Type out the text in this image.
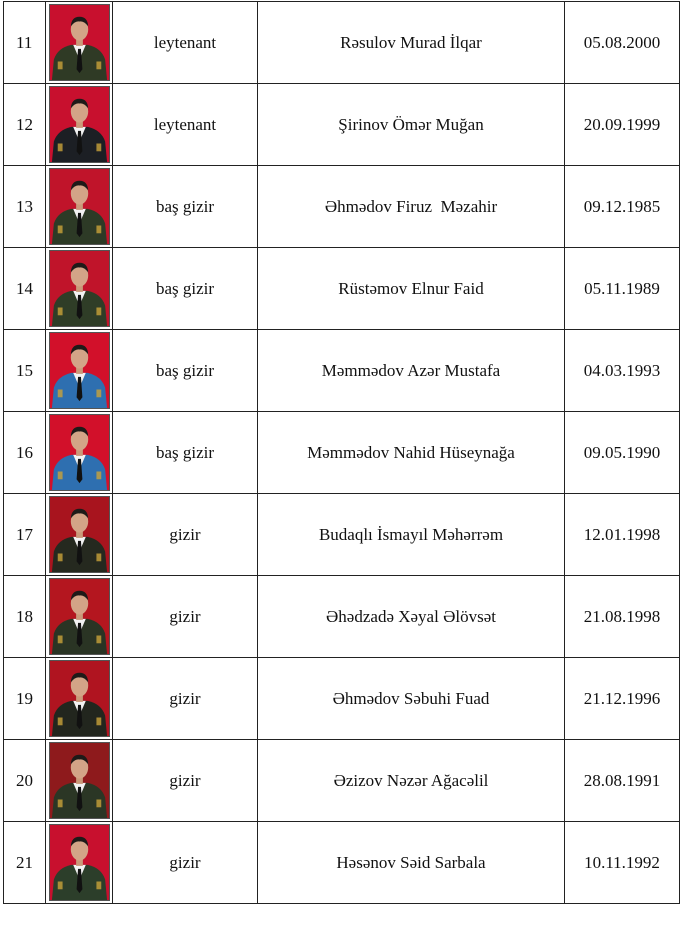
11		leytenant	Rəsulov Murad İlqar	05.08.2000
12		leytenant	Şirinov Ömər Muğan	20.09.1999
13		baş gizir	Əhmədov Firuz  Məzahir	09.12.1985
14		baş gizir	Rüstəmov Elnur Faid	05.11.1989
15		baş gizir	Məmmədov Azər Mustafa	04.03.1993
16		baş gizir	Məmmədov Nahid Hüseynağa	09.05.1990
17		gizir	Budaqlı İsmayıl Məhərrəm	12.01.1998
18		gizir	Əhədzadə Xəyal Əlövsət	21.08.1998
19		gizir	Əhmədov Səbuhi Fuad	21.12.1996
20		gizir	Əzizov Nəzər Ağacəlil	28.08.1991
21		gizir	Həsənov Səid Sarbala	10.11.1992
